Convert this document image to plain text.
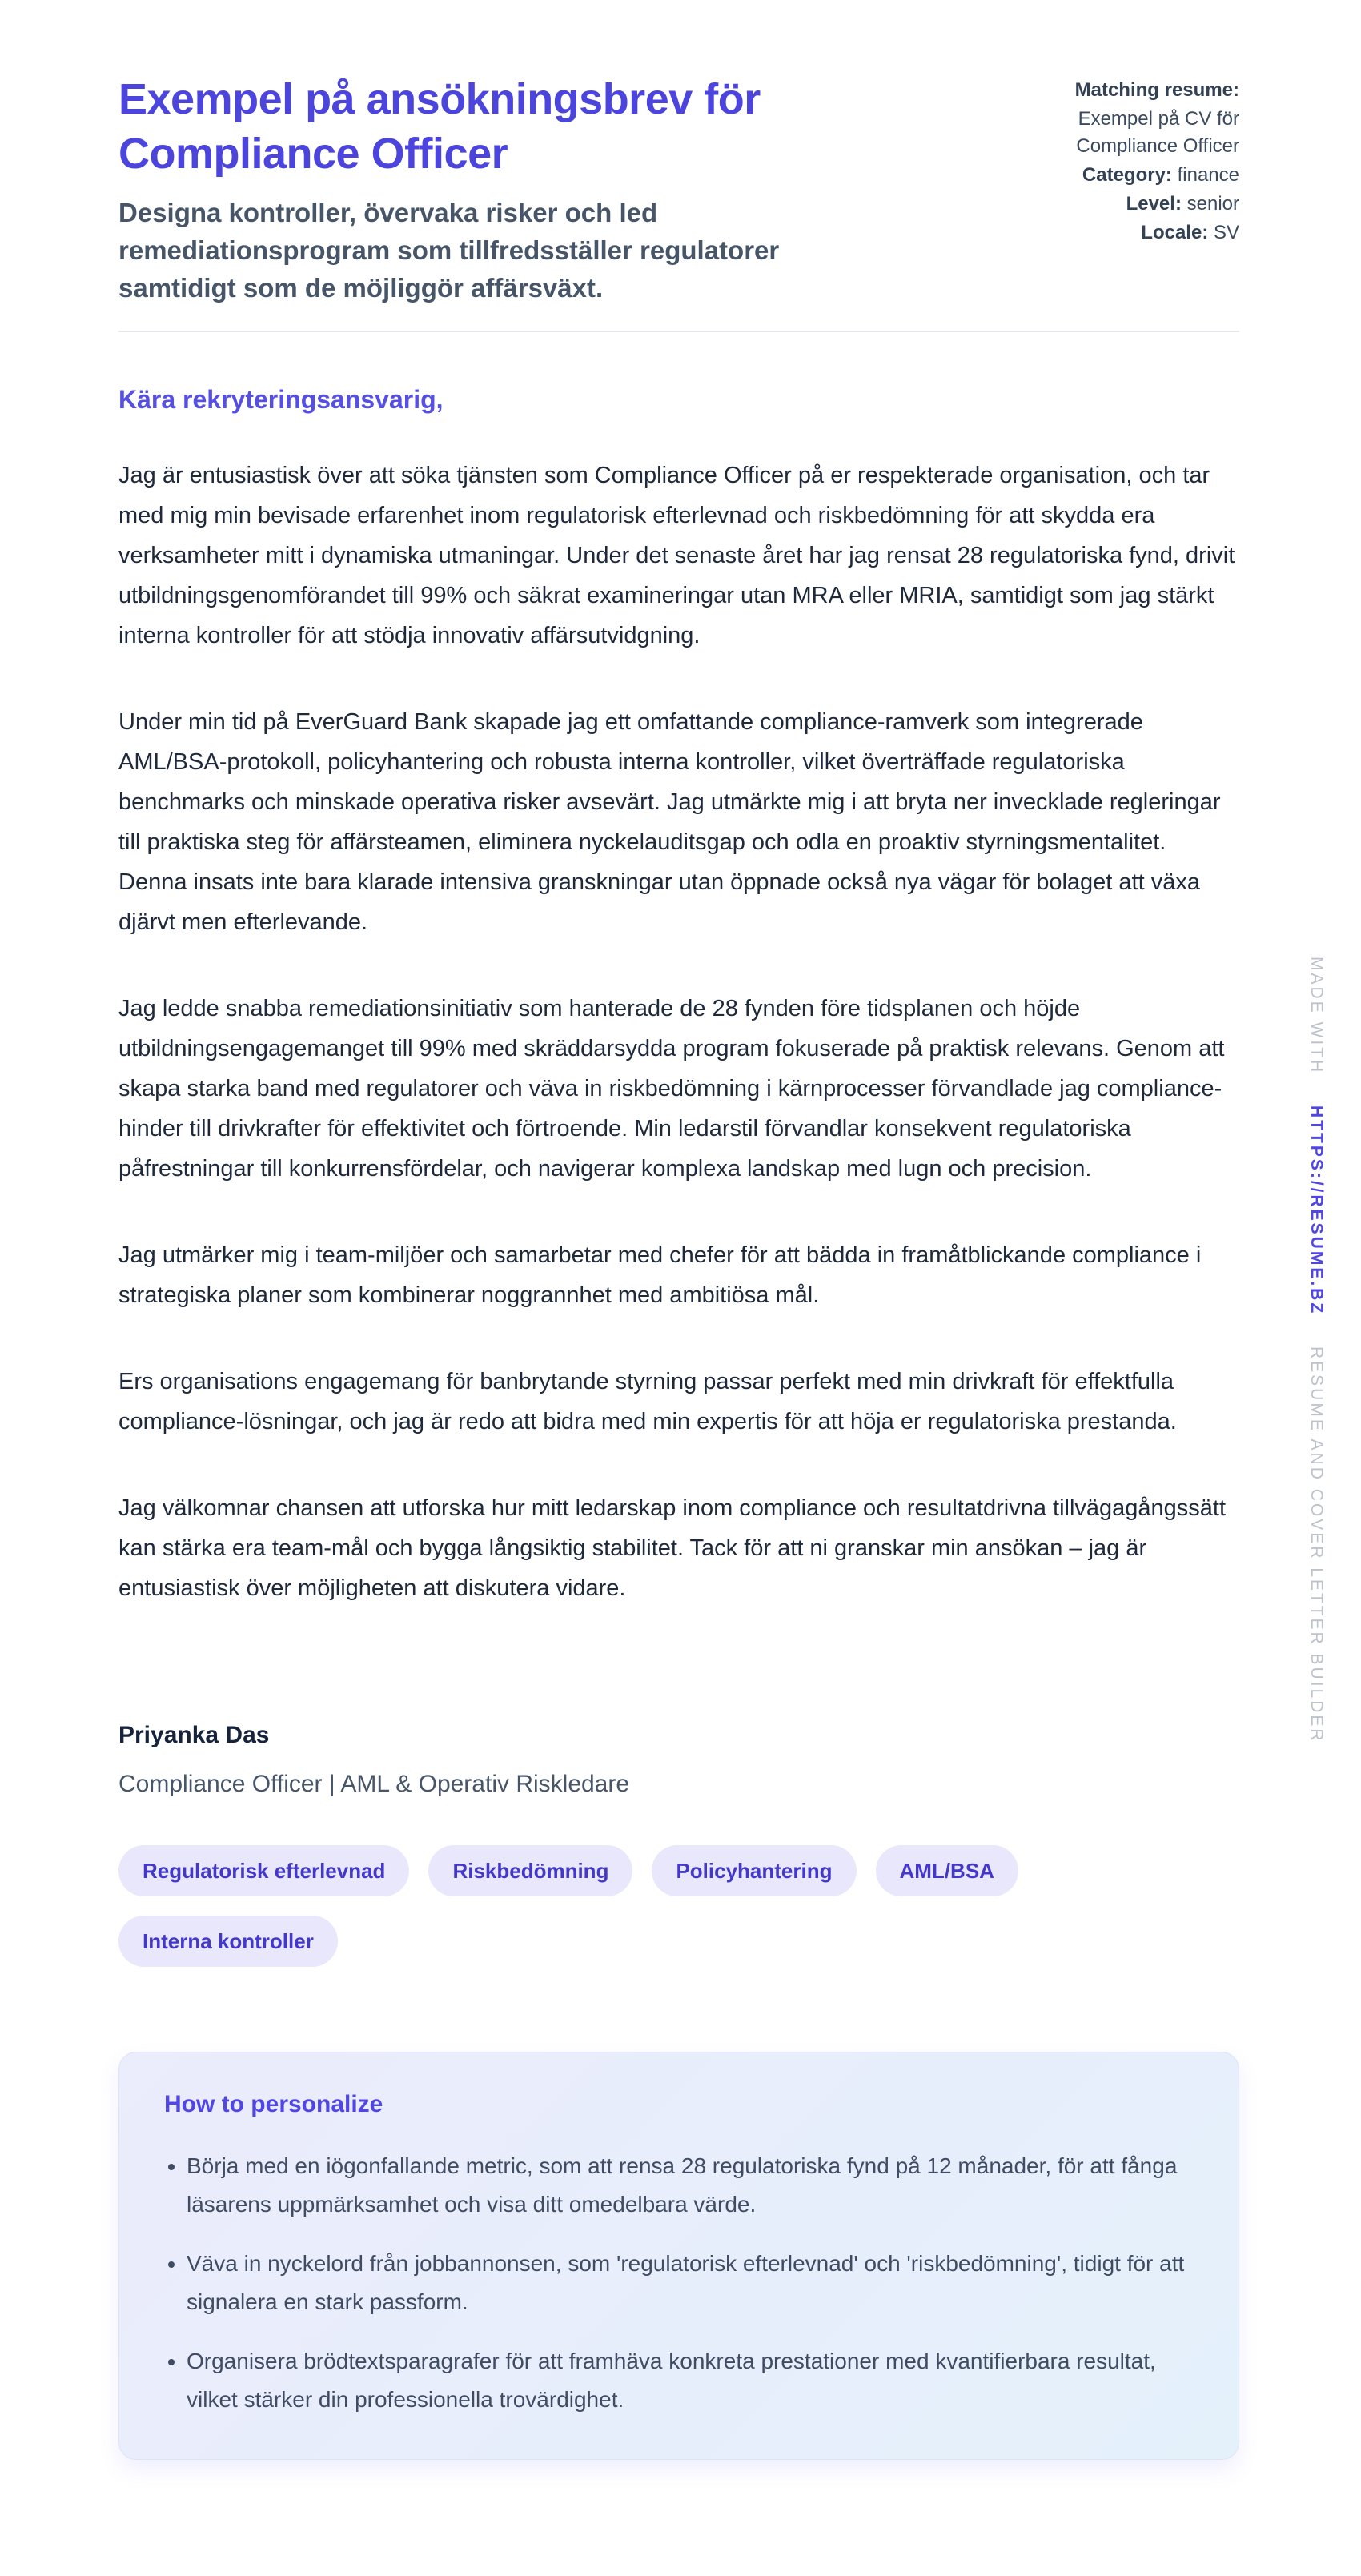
Exempel på ansökningsbrev för Compliance Officer

Designa kontroller, övervaka risker och led remediationsprogram som tillfredsställer regulatorer samtidigt som de möjliggör affärsväxt.

Matching resume:
Exempel på CV för Compliance Officer
Category: finance
Level: senior
Locale: SV

Kära rekryteringsansvarig,

Jag är entusiastisk över att söka tjänsten som Compliance Officer på er respekterade organisation, och tar med mig min bevisade erfarenhet inom regulatorisk efterlevnad och riskbedömning för att skydda era verksamheter mitt i dynamiska utmaningar. Under det senaste året har jag rensat 28 regulatoriska fynd, drivit utbildningsgenomförandet till 99% och säkrat examineringar utan MRA eller MRIA, samtidigt som jag stärkt interna kontroller för att stödja innovativ affärsutvidgning.

Under min tid på EverGuard Bank skapade jag ett omfattande compliance-ramverk som integrerade AML/BSA-protokoll, policyhantering och robusta interna kontroller, vilket överträffade regulatoriska benchmarks och minskade operativa risker avsevärt. Jag utmärkte mig i att bryta ner invecklade regleringar till praktiska steg för affärsteamen, eliminera nyckelauditsgap och odla en proaktiv styrningsmentalitet. Denna insats inte bara klarade intensiva granskningar utan öppnade också nya vägar för bolaget att växa djärvt men efterlevande.

Jag ledde snabba remediationsinitiativ som hanterade de 28 fynden före tidsplanen och höjde utbildningsengagemanget till 99% med skräddarsydda program fokuserade på praktisk relevans. Genom att skapa starka band med regulatorer och väva in riskbedömning i kärnprocesser förvandlade jag compliance-hinder till drivkrafter för effektivitet och förtroende. Min ledarstil förvandlar konsekvent regulatoriska påfrestningar till konkurrensfördelar, och navigerar komplexa landskap med lugn och precision.

Jag utmärker mig i team-miljöer och samarbetar med chefer för att bädda in framåtblickande compliance i strategiska planer som kombinerar noggrannhet med ambitiösa mål.

Ers organisations engagemang för banbrytande styrning passar perfekt med min drivkraft för effektfulla compliance-lösningar, och jag är redo att bidra med min expertis för att höja er regulatoriska prestanda.

Jag välkomnar chansen att utforska hur mitt ledarskap inom compliance och resultatdrivna tillvägagångssätt kan stärka era team-mål och bygga långsiktig stabilitet. Tack för att ni granskar min ansökan – jag är entusiastisk över möjligheten att diskutera vidare.

Priyanka Das

Compliance Officer | AML & Operativ Riskledare

Regulatorisk efterlevnad	Riskbedömning	Policyhantering	AML/BSA
Interna kontroller
How to personalize
• Börja med en iögonfallande metric, som att rensa 28 regulatoriska fynd på 12 månader, för att fånga läsarens uppmärksamhet och visa ditt omedelbara värde.
• Väva in nyckelord från jobbannonsen, som 'regulatorisk efterlevnad' och 'riskbedömning', tidigt för att signalera en stark passform.
• Organisera brödtextsparagrafer för att framhäva konkreta prestationer med kvantifierbara resultat, vilket stärker din professionella trovärdighet.
MADE WITH HTTPS://RESUME.BZ RESUME AND COVER LETTER BUILDER
